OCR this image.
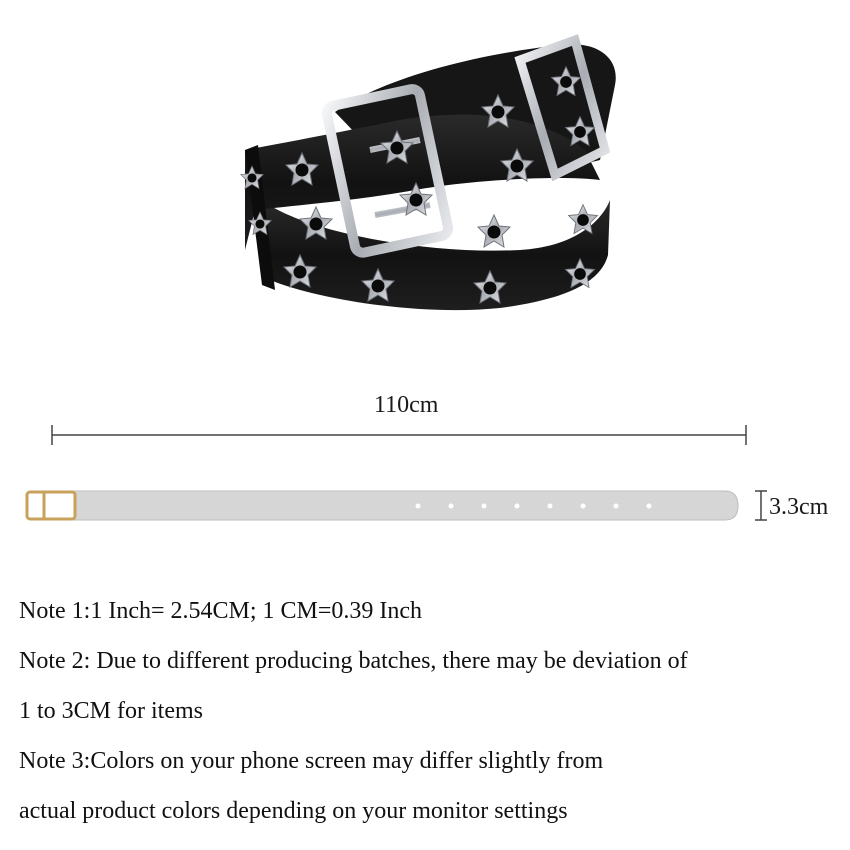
110cm
3.3cm
Note 1:1 Inch= 2.54CM; 1 CM=0.39 Inch
Note 2: Due to different producing batches, there may be deviation of
1 to 3CM for items
Note 3:Colors on your phone screen may differ slightly from
actual product colors depending on your monitor settings
